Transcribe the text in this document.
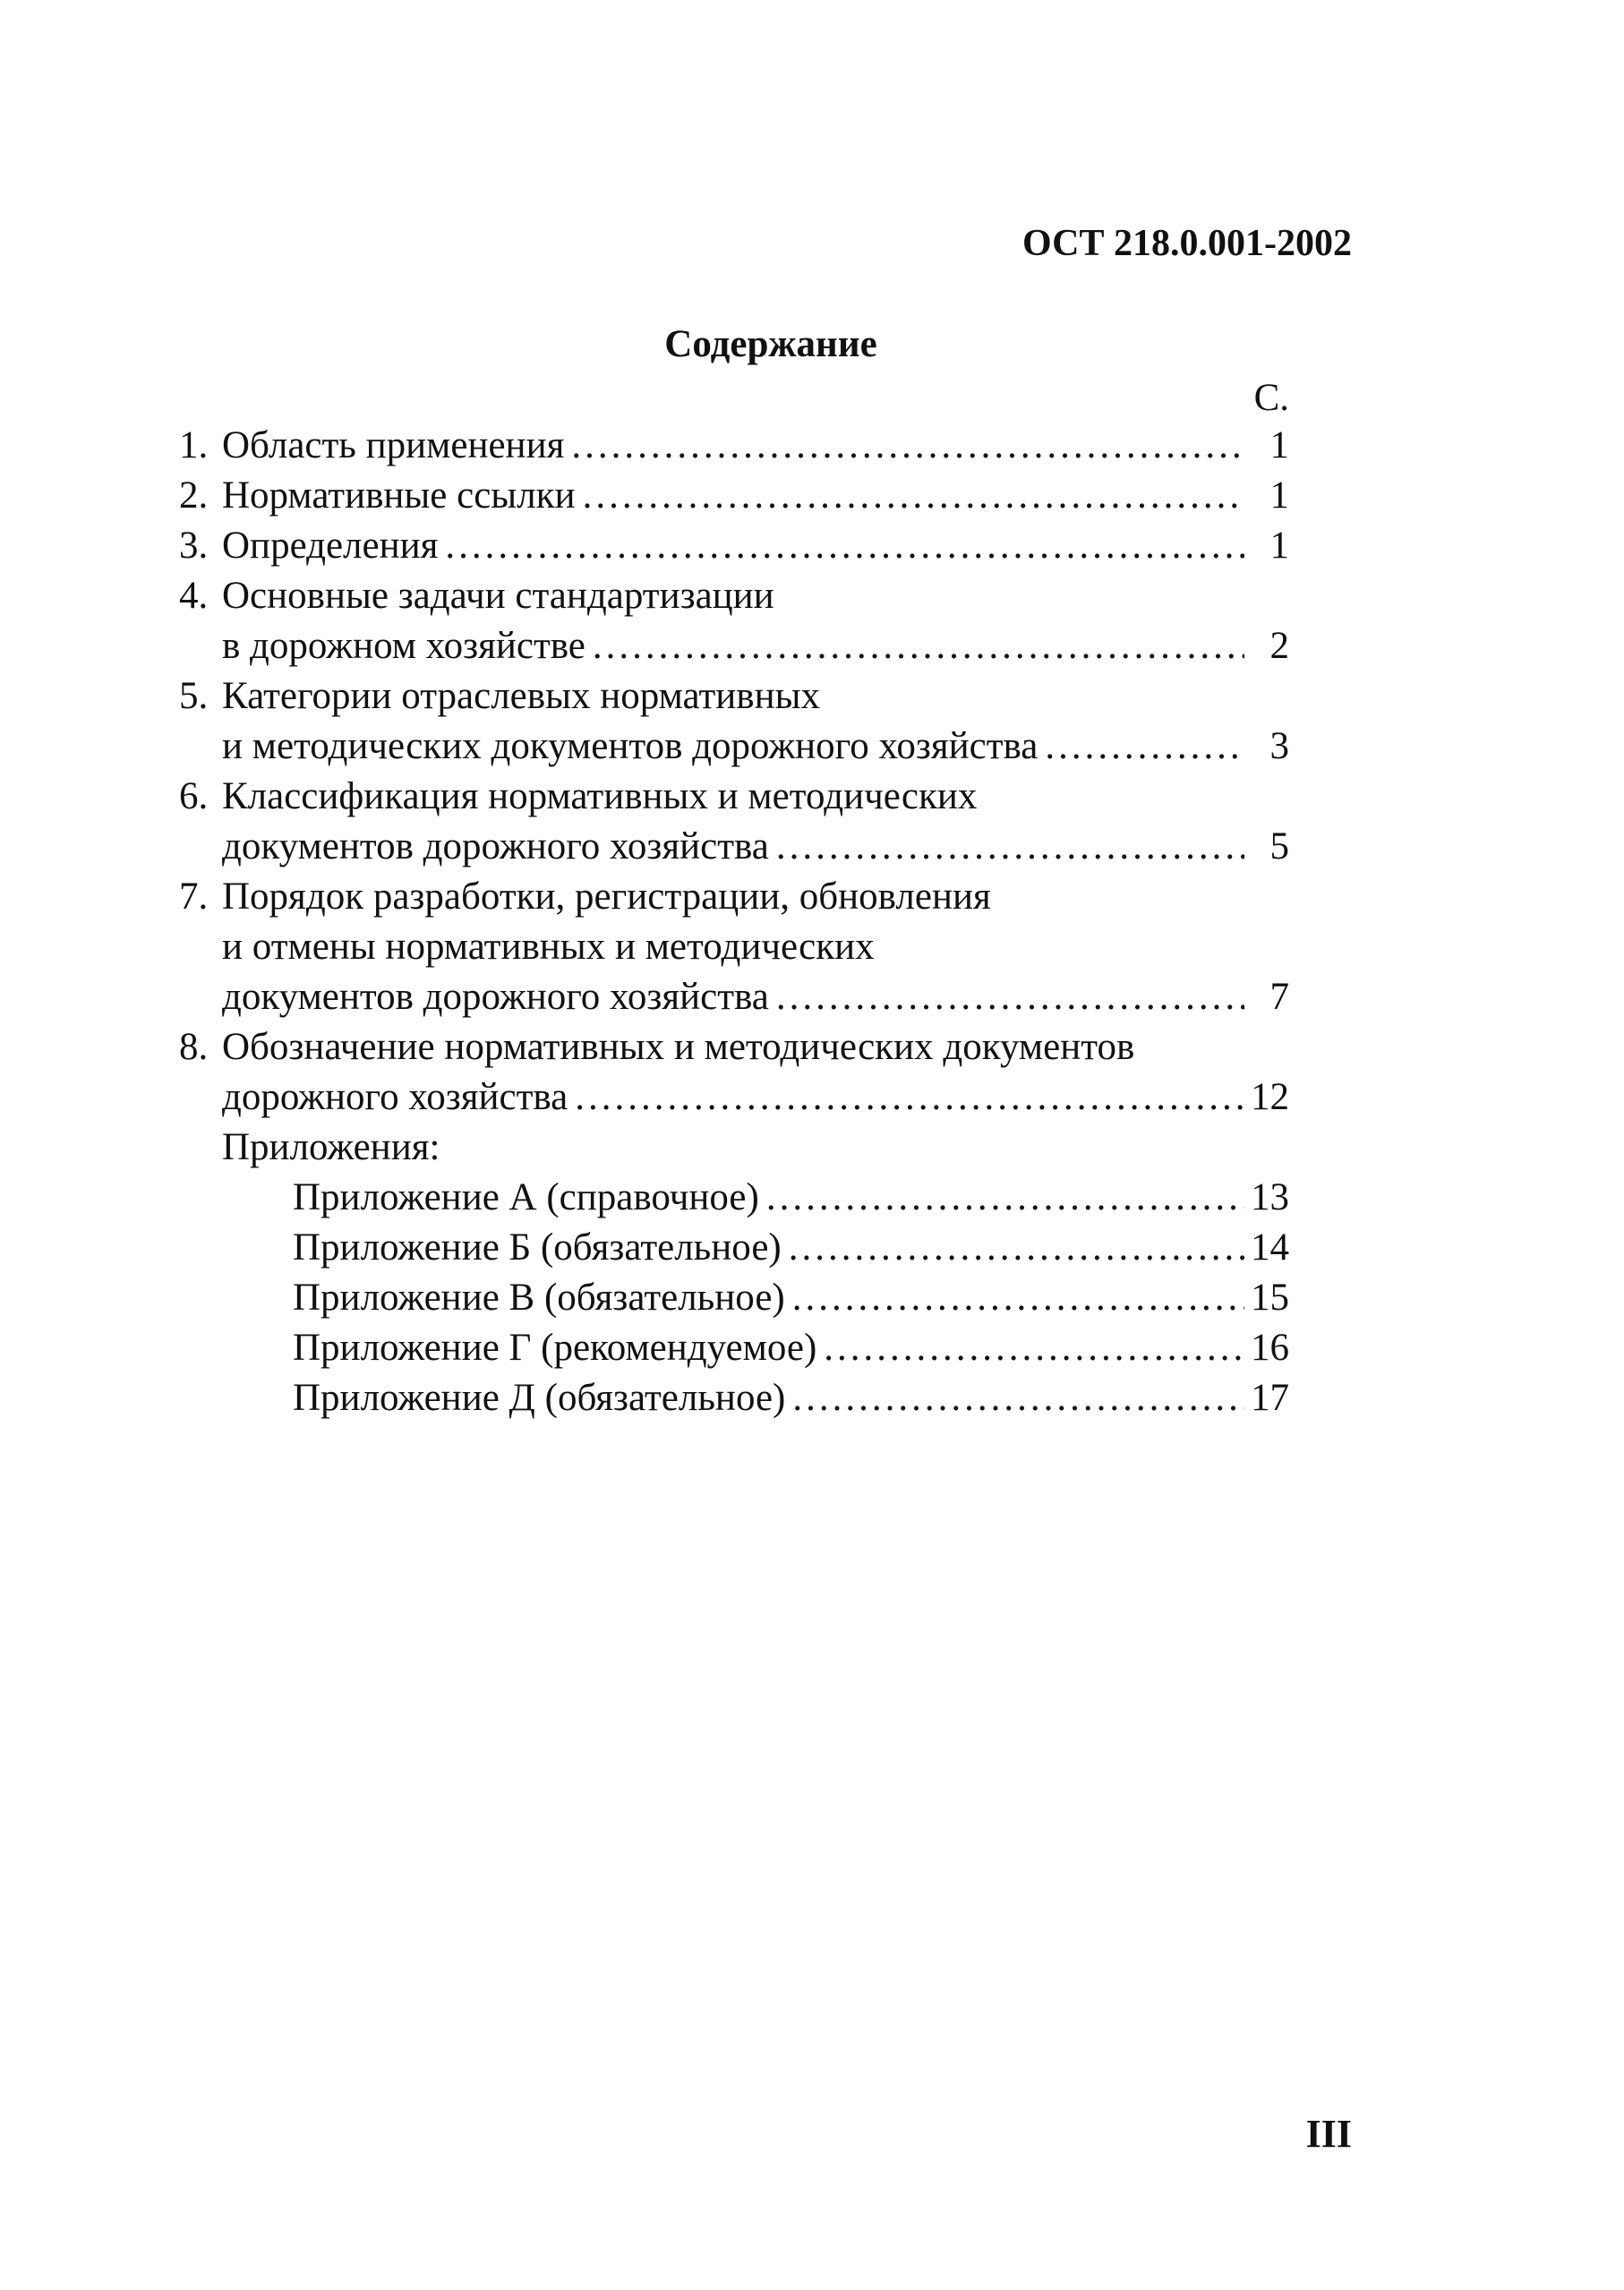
ОСТ 218.0.001-2002
Содержание
С.
1. Область применения .....	1
2. Нормативные ссылки .....	1
3. Определения .....	1
4. Основные задачи стандартизации
в дорожном хозяйстве .....	2
5. Категории отраслевых нормативных
и методических документов дорожного хозяйства .....	3
6. Классификация нормативных и методических
документов дорожного хозяйства .....	5
7. Порядок разработки, регистрации, обновления
и отмены нормативных и методических
документов дорожного хозяйства .....	7
8. Обозначение нормативных и методических документов
дорожного хозяйства .....	12
Приложения:
Приложение А (справочное) .....	13
Приложение Б (обязательное) .....	14
Приложение В (обязательное) .....	15
Приложение Г (рекомендуемое) .....	16
Приложение Д (обязательное) .....	17
III
